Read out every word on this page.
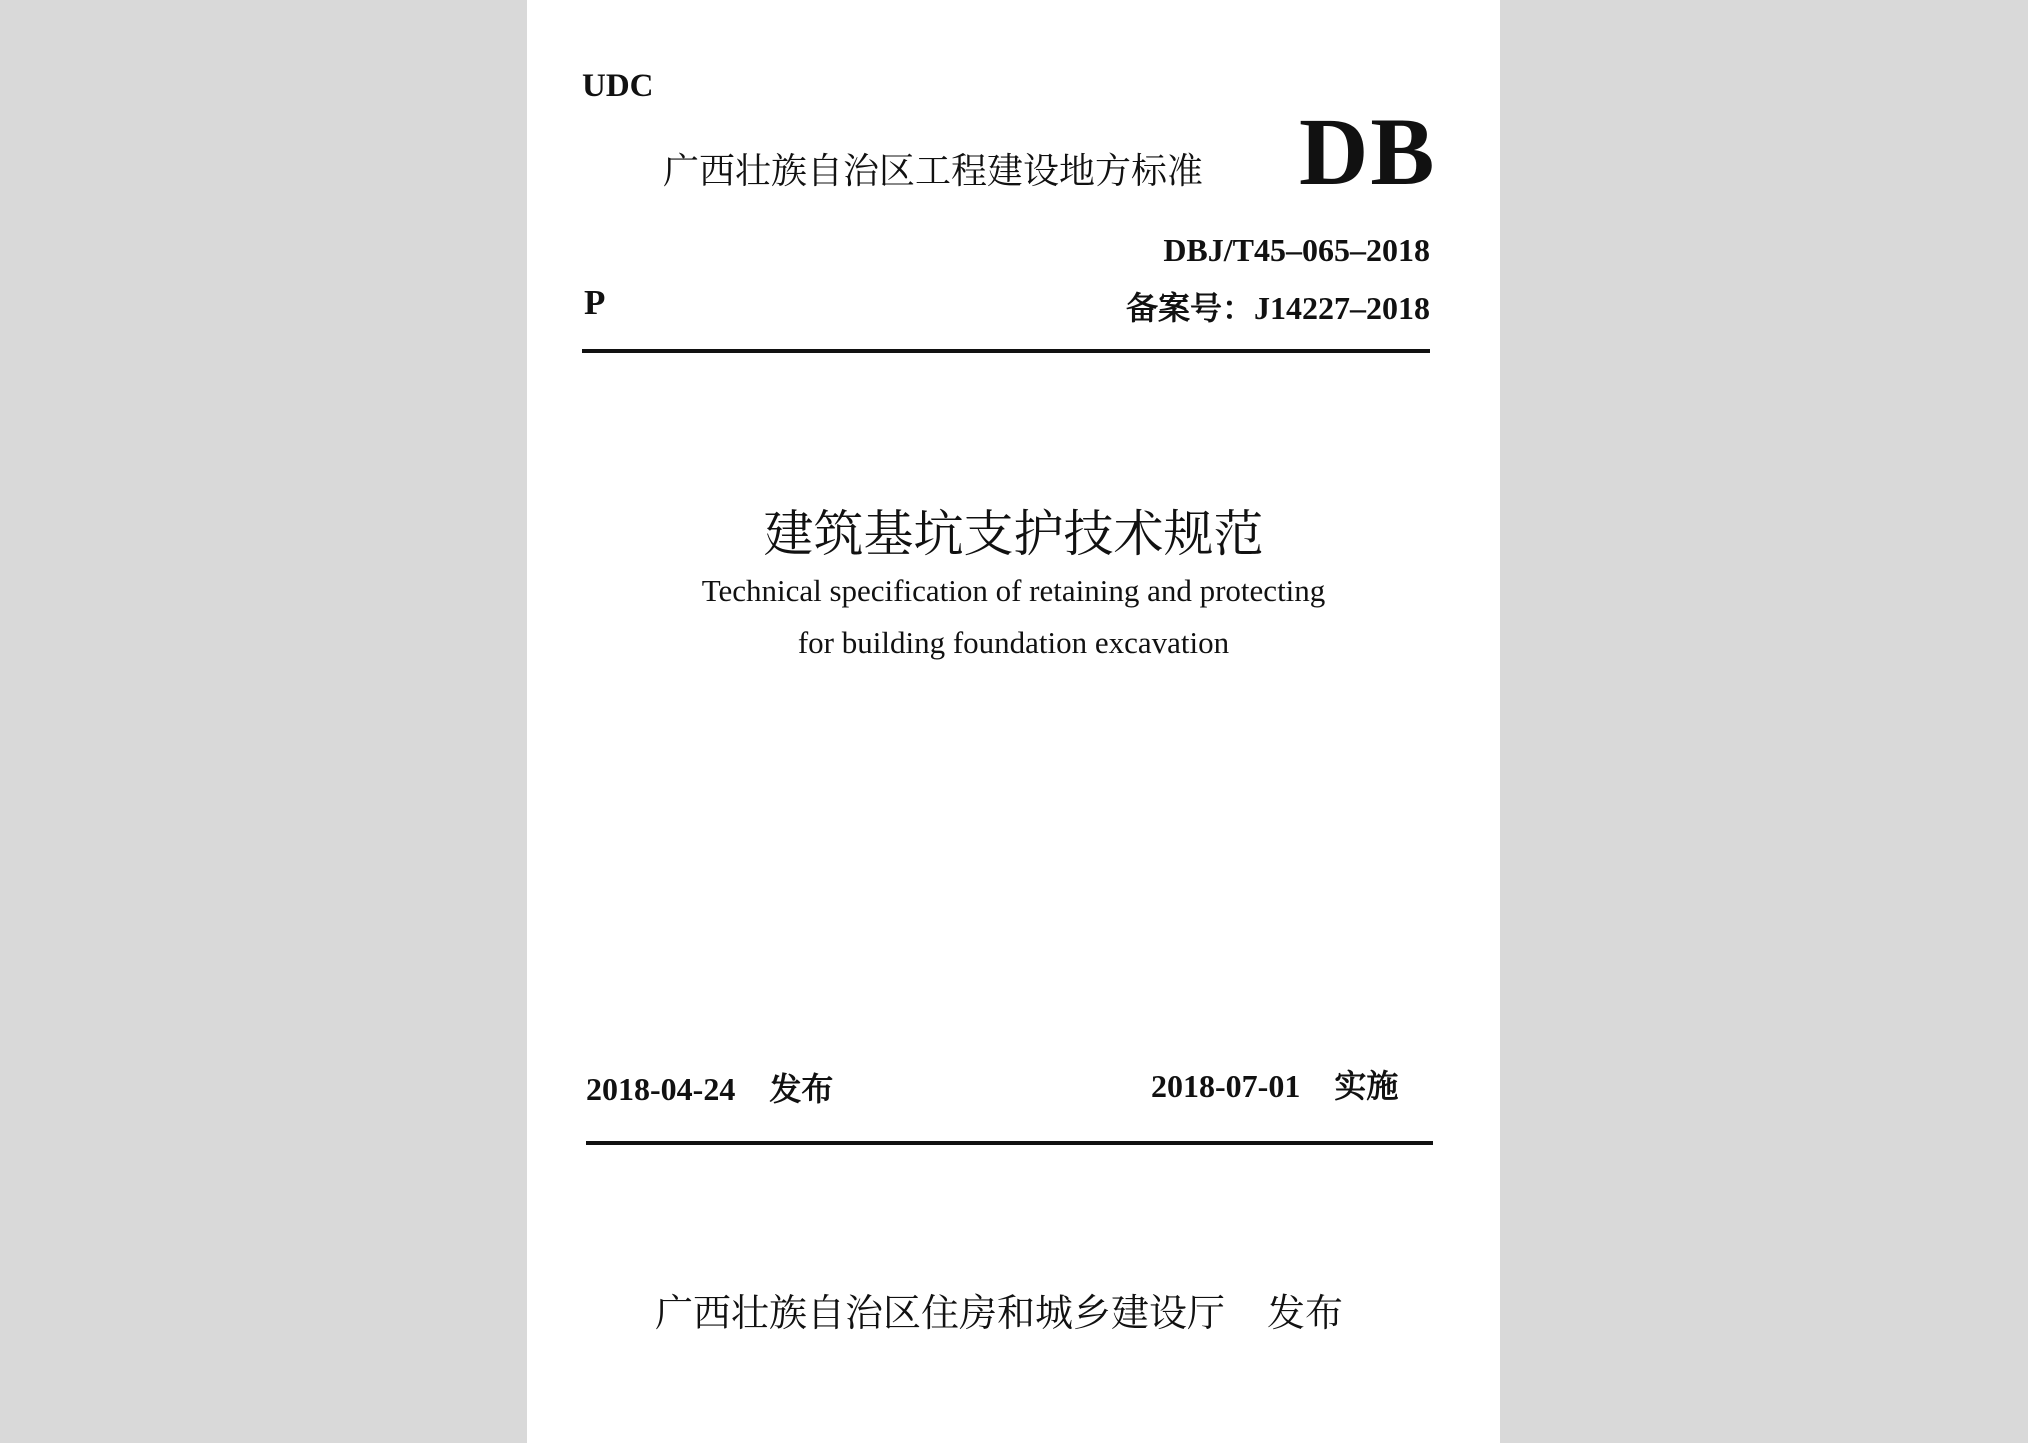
UDC
广西壮族自治区工程建设地方标准 DB
DBJ/T45–065–2018
P	备案号：J14227–2018
建筑基坑支护技术规范
Technical specification of retaining and protecting
for building foundation excavation
2018-04-24 发布	2018-07-01 实施
广西壮族自治区住房和城乡建设厅 发布
